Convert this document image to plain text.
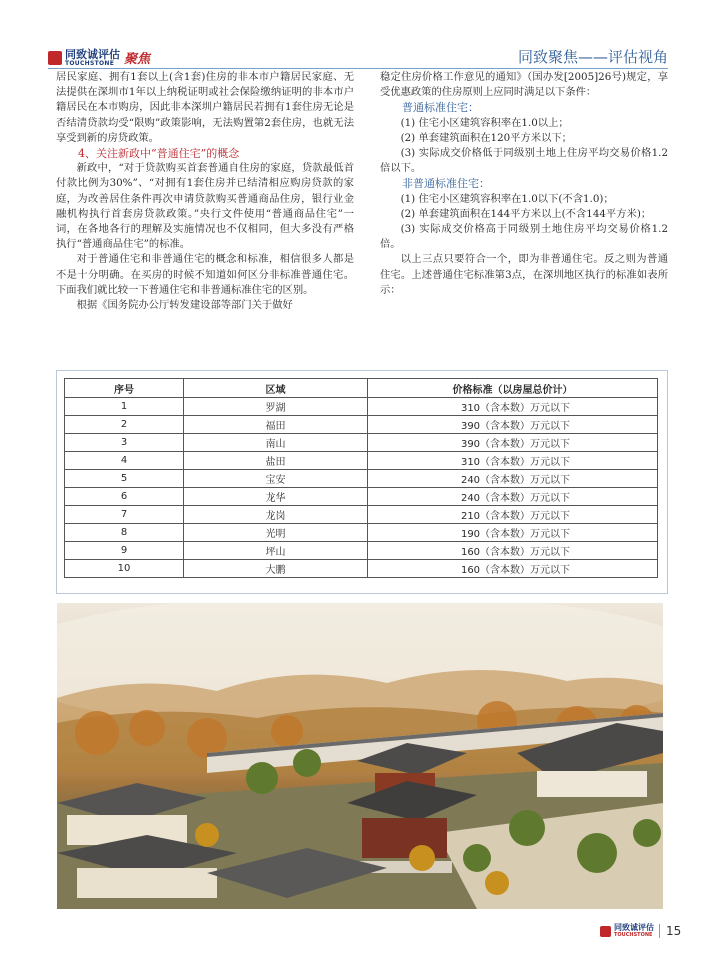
同致诚评估
TOUCHSTONE 聚焦	同致聚焦——评估视角

居民家庭、拥有1套以上(含1套)住房的非本市户籍居民家庭、无法提供在深圳市1年以上纳税证明或社会保险缴纳证明的非本市户籍居民在本市购房，因此非本深圳户籍居民若拥有1套住房无论是否结清贷款均受“限购”政策影响，无法购置第2套住房，也就无法享受到新的房贷政策。

4、关注新政中“普通住宅”的概念

新政中，“对于贷款购买首套普通自住房的家庭，贷款最低首付款比例为30%”、“对拥有1套住房并已结清相应购房贷款的家庭，为改善居住条件再次申请贷款购买普通商品住房，银行业金融机构执行首套房贷款政策。”央行文件使用“普通商品住宅”一词，在各地各行的理解及实施情况也不仅相同，但大多没有严格执行“普通商品住宅”的标准。

对于普通住宅和非普通住宅的概念和标准，相信很多人都是不是十分明确。在买房的时候不知道如何区分非标准普通住宅。下面我们就比较一下普通住宅和非普通标准住宅的区别。

根据《国务院办公厅转发建设部等部门关于做好

稳定住房价格工作意见的通知》（国办发[2005]26号)规定，享受优惠政策的住房原则上应同时满足以下条件：

普通标准住宅：

(1) 住宅小区建筑容积率在1.0以上；

(2) 单套建筑面积在120平方米以下；

(3) 实际成交价格低于同级别土地上住房平均交易价格1.2倍以下。

非普通标准住宅：

(1) 住宅小区建筑容积率在1.0以下(不含1.0)；

(2) 单套建筑面积在144平方米以上(不含144平方米)；

(3) 实际成交价格高于同级别土地住房平均交易价格1.2倍。

以上三点只要符合一个，即为非普通住宅。反之则为普通住宅。上述普通住宅标准第3点，在深圳地区执行的标准如表所示：

序号	区域	价格标准（以房屋总价计）
1	罗湖	310（含本数）万元以下
2	福田	390（含本数）万元以下
3	南山	390（含本数）万元以下
4	盐田	310（含本数）万元以下
5	宝安	240（含本数）万元以下
6	龙华	240（含本数）万元以下
7	龙岗	210（含本数）万元以下
8	光明	190（含本数）万元以下
9	坪山	160（含本数）万元以下
10	大鹏	160（含本数）万元以下
同致诚评估
TOUCHSTONE 15
